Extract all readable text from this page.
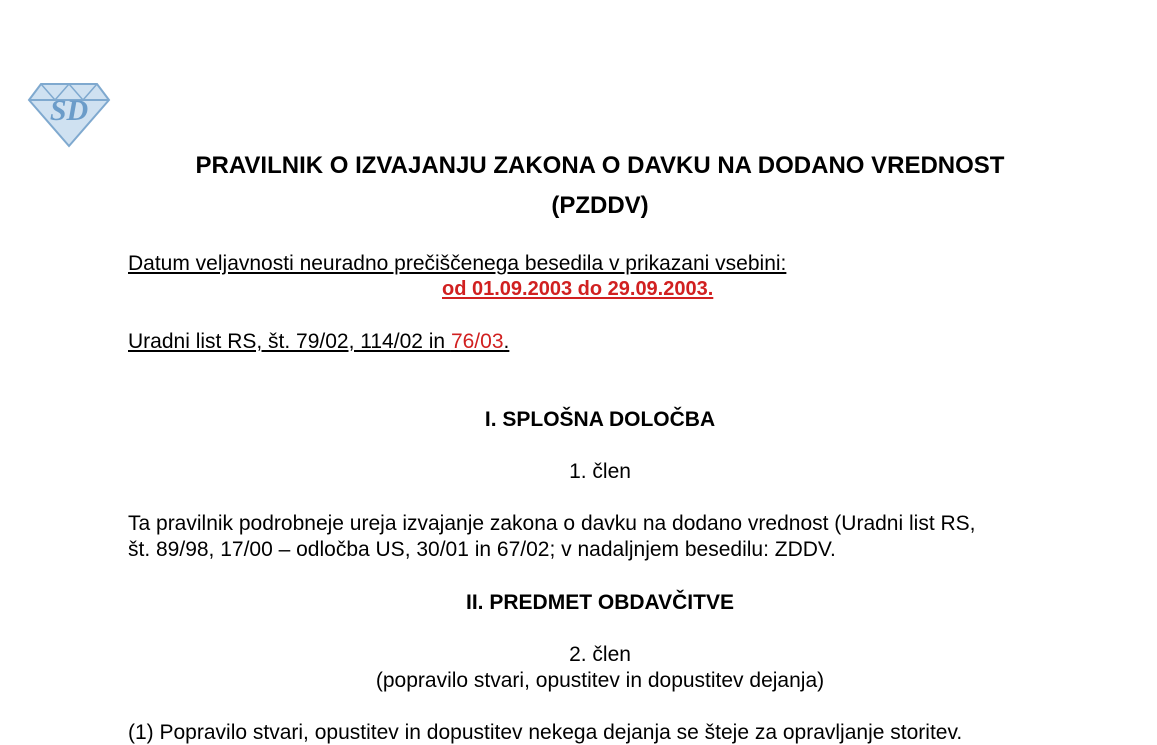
SD
PRAVILNIK O IZVAJANJU ZAKONA O DAVKU NA DODANO VREDNOST
(PZDDV)
Datum veljavnosti neuradno prečiščenega besedila v prikazani vsebini:
od 01.09.2003 do 29.09.2003.
Uradni list RS, št. 79/02, 114/02 in 76/03.
I. SPLOŠNA DOLOČBA
1. člen
Ta pravilnik podrobneje ureja izvajanje zakona o davku na dodano vrednost (Uradni list RS,
št. 89/98, 17/00 – odločba US, 30/01 in 67/02; v nadaljnjem besedilu: ZDDV.
II. PREDMET OBDAVČITVE
2. člen
(popravilo stvari, opustitev in dopustitev dejanja)
(1) Popravilo stvari, opustitev in dopustitev nekega dejanja se šteje za opravljanje storitev.
